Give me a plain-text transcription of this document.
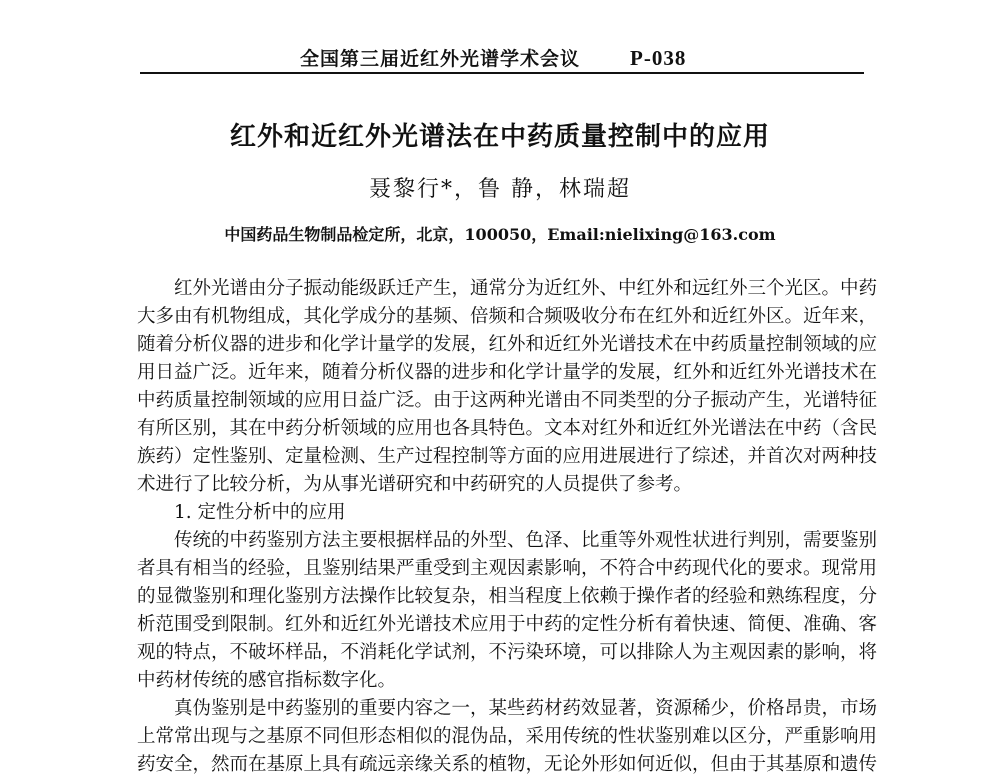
全国第三届近红外光谱学术会议 P-038
红外和近红外光谱法在中药质量控制中的应用
聂黎行*，鲁 静，林瑞超
中国药品生物制品检定所，北京，100050，Email:nielixing@163.com
红外光谱由分子振动能级跃迁产生，通常分为近红外、中红外和远红外三个光区。中药
大多由有机物组成，其化学成分的基频、倍频和合频吸收分布在红外和近红外区。近年来，
随着分析仪器的进步和化学计量学的发展，红外和近红外光谱技术在中药质量控制领域的应
用日益广泛。近年来，随着分析仪器的进步和化学计量学的发展，红外和近红外光谱技术在
中药质量控制领域的应用日益广泛。由于这两种光谱由不同类型的分子振动产生，光谱特征
有所区别，其在中药分析领域的应用也各具特色。文本对红外和近红外光谱法在中药（含民
族药）定性鉴别、定量检测、生产过程控制等方面的应用进展进行了综述，并首次对两种技
术进行了比较分析，为从事光谱研究和中药研究的人员提供了参考。
1. 定性分析中的应用
传统的中药鉴别方法主要根据样品的外型、色泽、比重等外观性状进行判别，需要鉴别
者具有相当的经验，且鉴别结果严重受到主观因素影响，不符合中药现代化的要求。现常用
的显微鉴别和理化鉴别方法操作比较复杂，相当程度上依赖于操作者的经验和熟练程度，分
析范围受到限制。红外和近红外光谱技术应用于中药的定性分析有着快速、简便、准确、客
观的特点，不破坏样品，不消耗化学试剂，不污染环境，可以排除人为主观因素的影响，将
中药材传统的感官指标数字化。
真伪鉴别是中药鉴别的重要内容之一，某些药材药效显著，资源稀少，价格昂贵，市场
上常常出现与之基原不同但形态相似的混伪品，采用传统的性状鉴别难以区分，严重影响用
药安全，然而在基原上具有疏远亲缘关系的植物，无论外形如何近似，但由于其基原和遗传
